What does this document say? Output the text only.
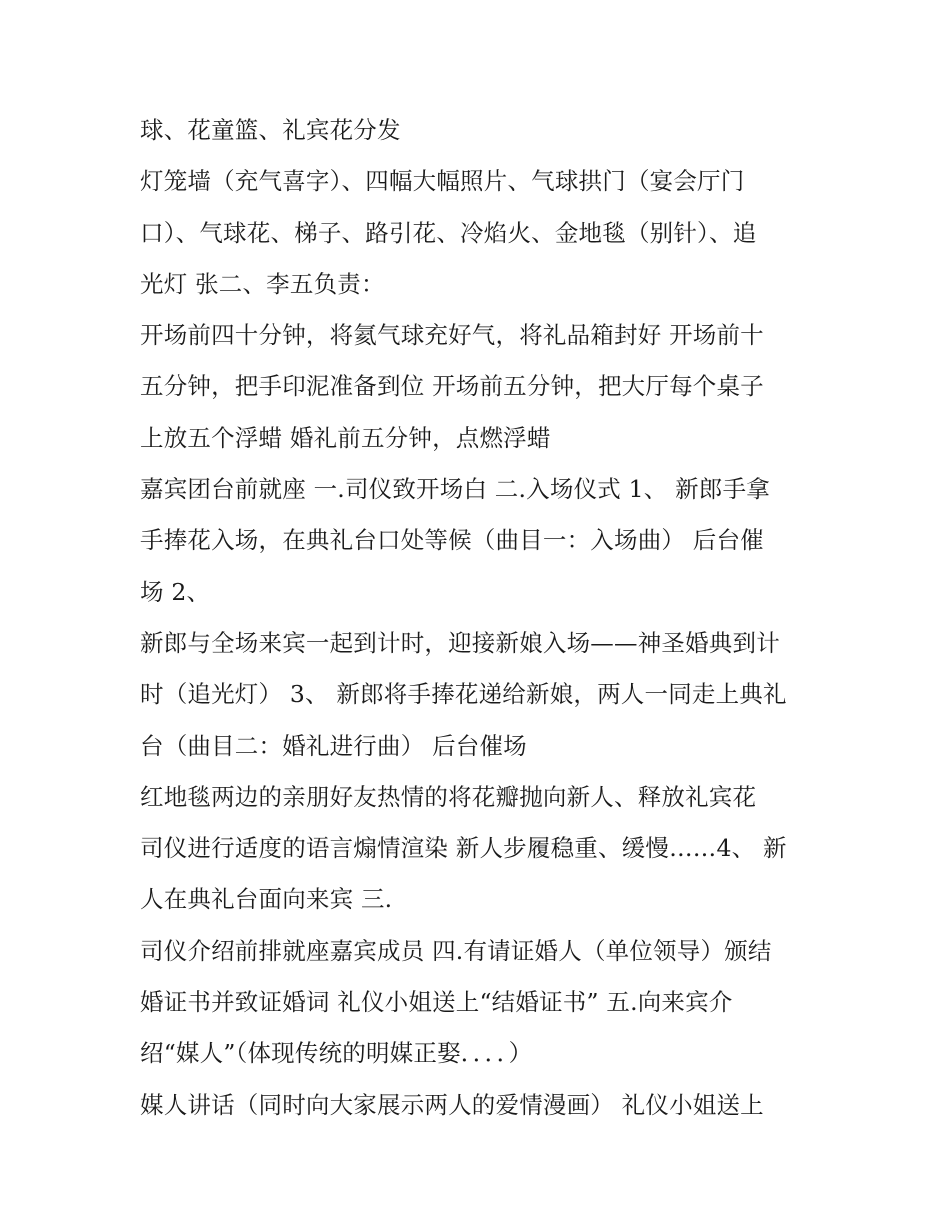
球、花童篮、礼宾花分发
灯笼墙（充气喜字）、四幅大幅照片、气球拱门（宴会厅门
口）、气球花、梯子、路引花、冷焰火、金地毯（别针）、追
光灯 张二、李五负责：
开场前四十分钟，将氦气球充好气，将礼品箱封好 开场前十
五分钟，把手印泥准备到位 开场前五分钟，把大厅每个桌子
上放五个浮蜡 婚礼前五分钟，点燃浮蜡
嘉宾团台前就座 一.司仪致开场白 二.入场仪式 1、 新郎手拿
手捧花入场，在典礼台口处等候（曲目一：入场曲） 后台催
场 2、
新郎与全场来宾一起到计时，迎接新娘入场——神圣婚典到计
时（追光灯） 3、 新郎将手捧花递给新娘，两人一同走上典礼
台（曲目二：婚礼进行曲） 后台催场
红地毯两边的亲朋好友热情的将花瓣抛向新人、释放礼宾花
司仪进行适度的语言煽情渲染 新人步履稳重、缓慢……4、 新
人在典礼台面向来宾 三.
司仪介绍前排就座嘉宾成员 四.有请证婚人（单位领导）颁结
婚证书并致证婚词 礼仪小姐送上“结婚证书” 五.向来宾介
绍“媒人”（体现传统的明媒正娶．．．．）
媒人讲话（同时向大家展示两人的爱情漫画） 礼仪小姐送上
